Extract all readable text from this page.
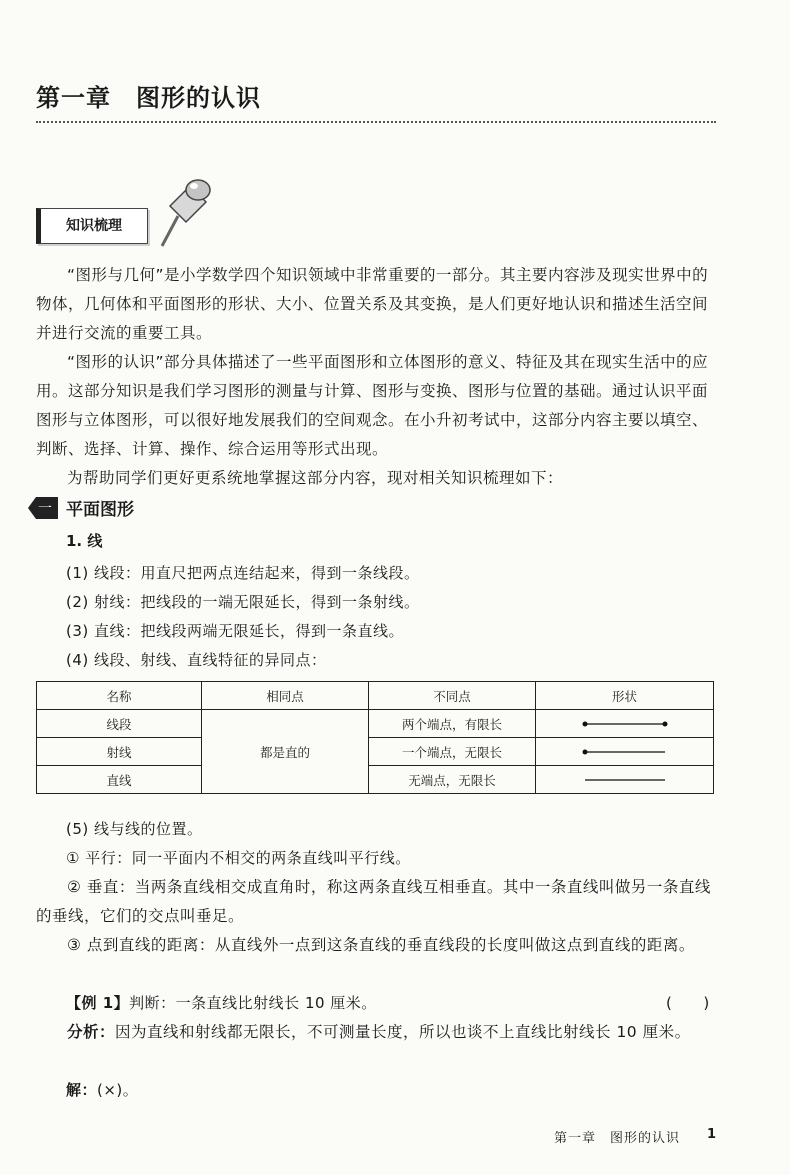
第一章　图形的认识
知识梳理
“图形与几何”是小学数学四个知识领域中非常重要的一部分。其主要内容涉及现实世界中的物体，几何体和平面图形的形状、大小、位置关系及其变换，是人们更好地认识和描述生活空间并进行交流的重要工具。
“图形的认识”部分具体描述了一些平面图形和立体图形的意义、特征及其在现实生活中的应用。这部分知识是我们学习图形的测量与计算、图形与变换、图形与位置的基础。通过认识平面图形与立体图形，可以很好地发展我们的空间观念。在小升初考试中，这部分内容主要以填空、判断、选择、计算、操作、综合运用等形式出现。
为帮助同学们更好更系统地掌握这部分内容，现对相关知识梳理如下：
一 平面图形
1. 线
(1) 线段：用直尺把两点连结起来，得到一条线段。
(2) 射线：把线段的一端无限延长，得到一条射线。
(3) 直线：把线段两端无限延长，得到一条直线。
(4) 线段、射线、直线特征的异同点：
名称	相同点	不同点	形状
线段	都是直的	两个端点，有限长	

射线		一个端点，无限长	

直线		无端点，无限长	
(5) 线与线的位置。
① 平行：同一平面内不相交的两条直线叫平行线。
② 垂直：当两条直线相交成直角时，称这两条直线互相垂直。其中一条直线叫做另一条直线的垂线，它们的交点叫垂足。
③ 点到直线的距离：从直线外一点到这条直线的垂直线段的长度叫做这点到直线的距离。
【例 1】判断：一条直线比射线长 10 厘米。	(　　)
分析：因为直线和射线都无限长，不可测量长度，所以也谈不上直线比射线长 10 厘米。
解：(×)。
第一章　图形的认识 1
